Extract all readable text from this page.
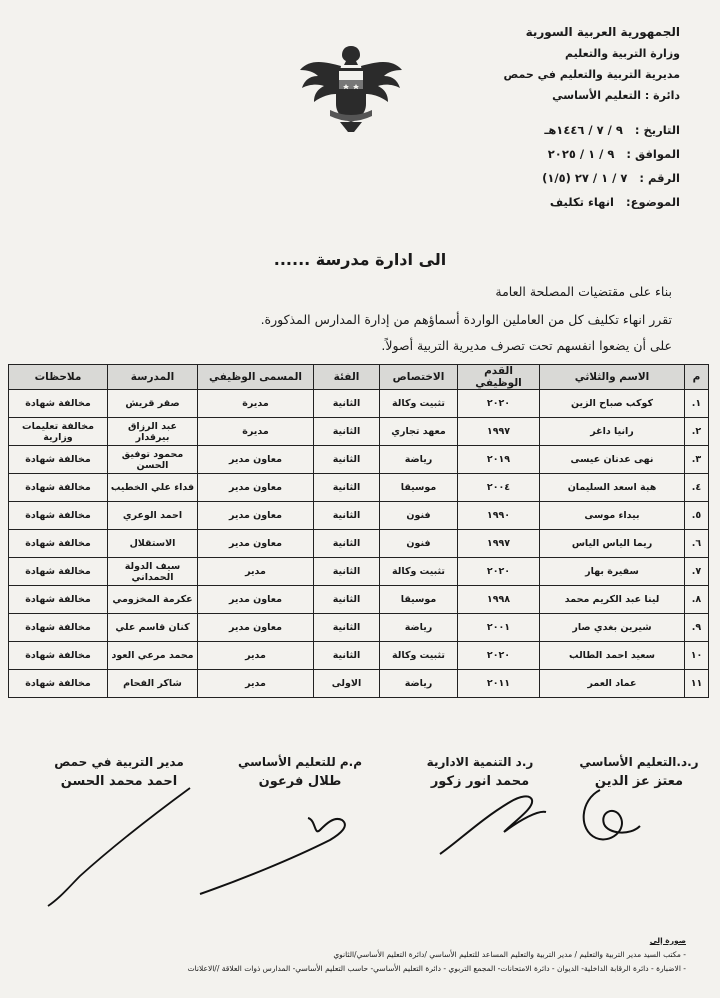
الجمهورية العربية السورية
وزارة التربية والتعليم
مديرية التربية والتعليم في حمص
دائرة : التعليم الأساسي
التاريخ : ٩ / ٧ / ١٤٤٦هـ
الموافق : ٩ / ١ / ٢٠٢٥
الرقم : ٧ / ١ / ٢٧ (١/٥)
الموضوع: انهاء تكليف
الى ادارة مدرسة ......
بناء على مقتضيات المصلحة العامة
تقرر انهاء تكليف كل من العاملين الواردة أسماؤهم من إدارة المدارس المذكورة.
على أن يضعوا انفسهم تحت تصرف مديرية التربية أصولاً.
م	الاسم والثلاثي	القدم الوظيفي	الاختصاص	الفئة	المسمى الوظيفي	المدرسة	ملاحظات
١.	كوكب صباح الزين	٢٠٢٠	تثبيت وكالة	الثانية	مديرة	صقر قريش	مخالفة شهادة
٢.	رانيا داغر	١٩٩٧	معهد تجاري	الثانية	مديرة	عبد الرزاق بيرقدار	مخالفة تعليمات وزارية
٣.	نهى عدنان عيسى	٢٠١٩	رياضة	الثانية	معاون مدير	محمود توفيق الحسن	مخالفة شهادة
٤.	هبة اسعد السليمان	٢٠٠٤	موسيقا	الثانية	معاون مدير	فداء علي الخطيب	مخالفة شهادة
٥.	بيداء موسى	١٩٩٠	فنون	الثانية	معاون مدير	احمد الوعري	مخالفة شهادة
٦.	ريما الياس الياس	١٩٩٧	فنون	الثانية	معاون مدير	الاستقلال	مخالفة شهادة
٧.	سفيرة بهار	٢٠٢٠	تثبيت وكالة	الثانية	مدير	سيف الدولة الحمداني	مخالفة شهادة
٨.	لينا عبد الكريم محمد	١٩٩٨	موسيقا	الثانية	معاون مدير	عكرمة المخزومي	مخالفة شهادة
٩.	شيرين بغدي صار	٢٠٠١	رياضة	الثانية	معاون مدير	كنان قاسم علي	مخالفة شهادة
١٠	سعيد احمد الطالب	٢٠٢٠	تثبيت وكالة	الثانية	مدير	محمد مرعي العود	مخالفة شهادة
١١	عماد العمر	٢٠١١	رياضة	الاولى	مدير	شاكر الفحام	مخالفة شهادة
ر.د.التعليم الأساسي
معتز عز الدين
ر.د التنمية الادارية
محمد انور زكور
م.م للتعليم الأساسي
طلال فرعون
مدير التربية في حمص
احمد محمد الحسن
صورة إلى
- مكتب السيد مدير التربية والتعليم / مدير التربية والتعليم المساعد للتعليم الأساسي /دائرة التعليم الأساسي/الثانوي
- الاضبارة - دائرة الرقابة الداخلية- الديوان - دائرة الامتحانات- المجمع التربوي - دائرة التعليم الأساسي- حاسب التعليم الأساسي- المدارس ذوات العلاقة //الاعلانات
